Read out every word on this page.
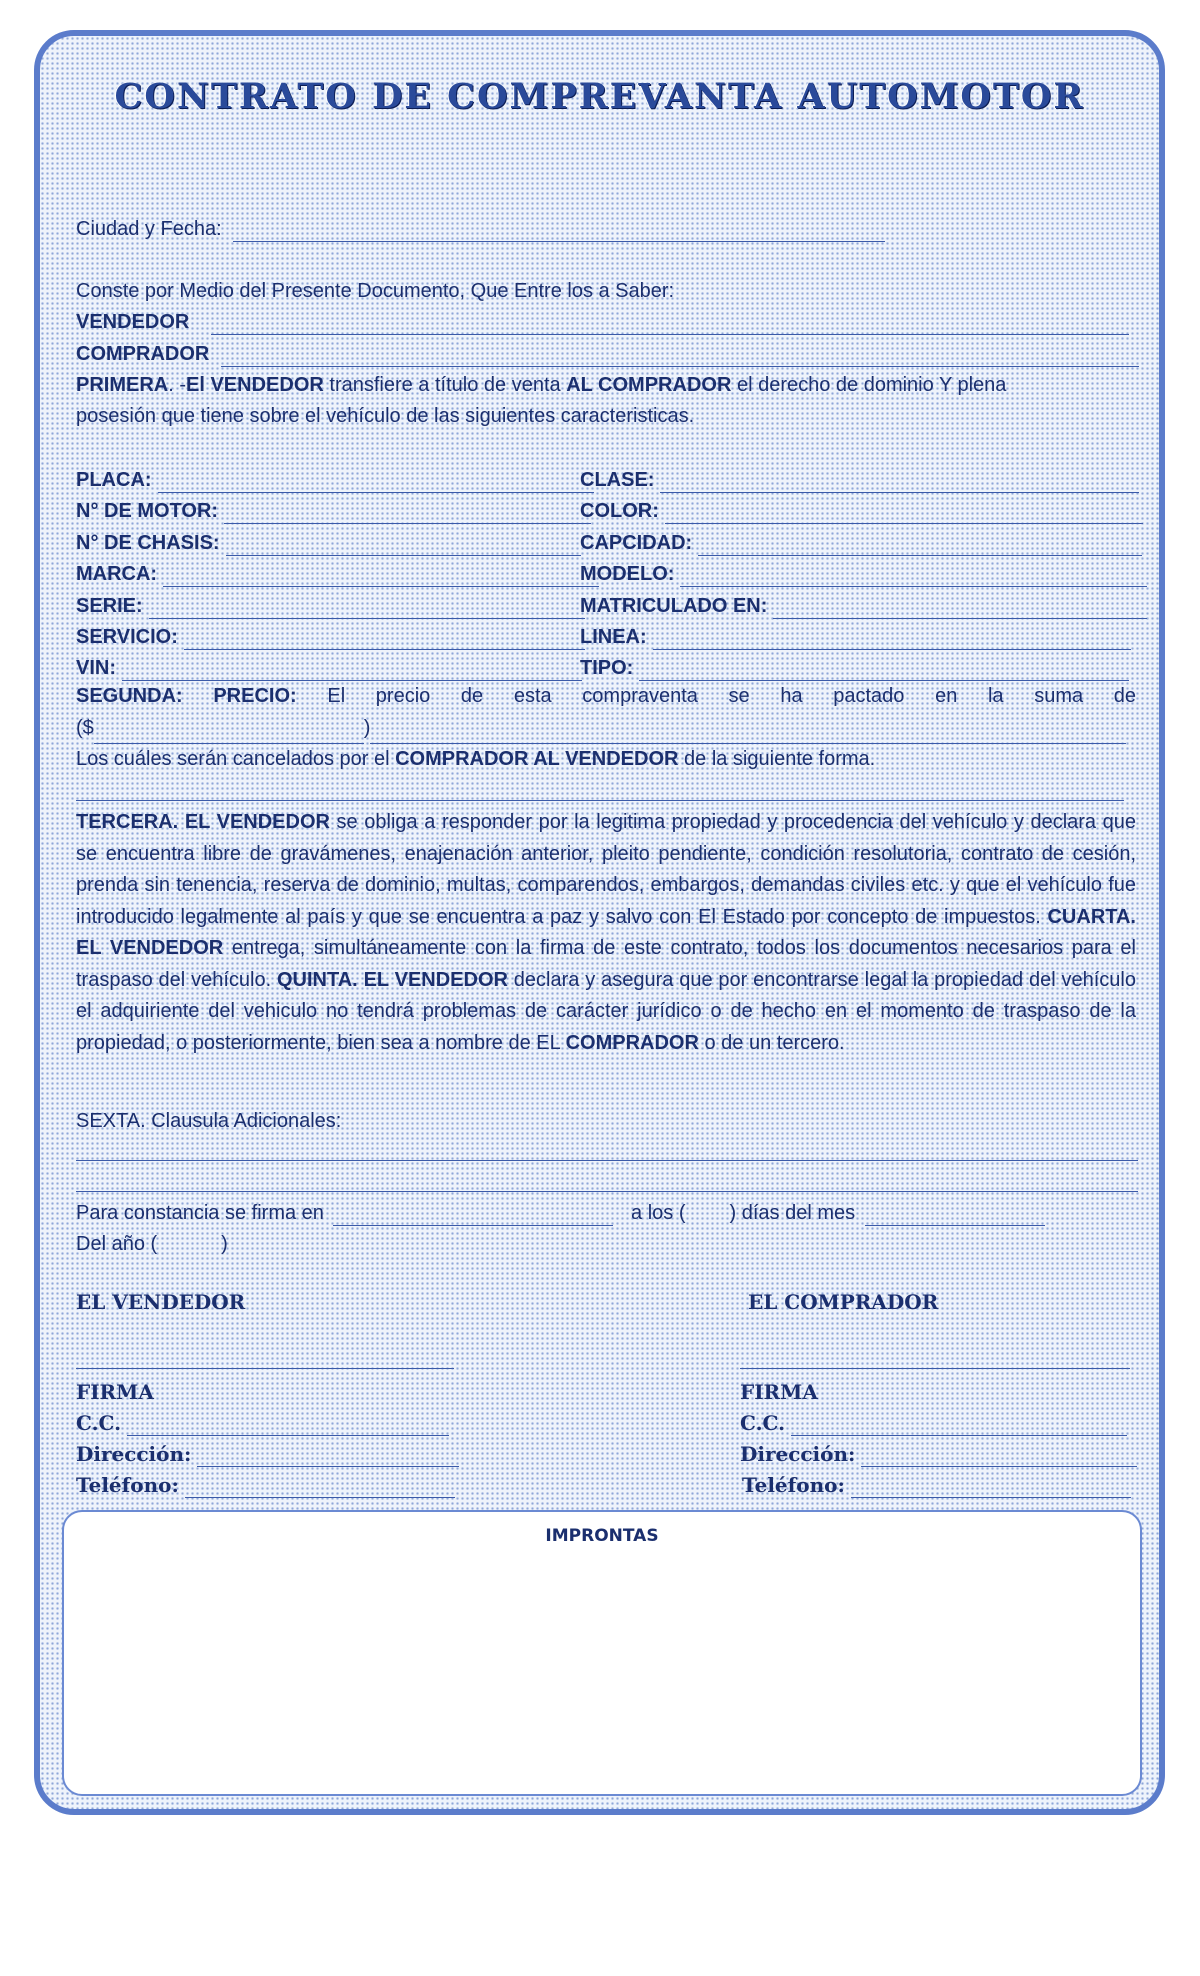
CONTRATO DE COMPREVANTA AUTOMOTOR
Ciudad y Fecha:
Conste por Medio del Presente Documento, Que Entre los a Saber:
VENDEDOR
COMPRADOR
PRIMERA. -El VENDEDOR transfiere a título de venta AL COMPRADOR el derecho de dominio Y plena
posesión que tiene sobre el vehículo de las siguientes caracteristicas.
PLACA:	CLASE:
N° DE MOTOR:	COLOR:
N° DE CHASIS:	CAPCIDAD:
MARCA:	MODELO:
SERIE:	MATRICULADO EN:
SERVICIO:	LINEA:
VIN:	TIPO:
SEGUNDA: PRECIO: El precio de esta compraventa se ha pactado en la suma de
($	)
Los cuáles serán cancelados por el COMPRADOR AL VENDEDOR de la siguiente forma.
TERCERA. EL VENDEDOR se obliga a responder por la legitima propiedad y procedencia del vehículo y declara que se encuentra libre de gravámenes, enajenación anterior, pleito pendiente, condición resolutoria, contrato de cesión, prenda sin tenencia, reserva de dominio, multas, comparendos, embargos, demandas civiles etc. y que el vehículo fue introducido legalmente al país y que se encuentra a paz y salvo con El Estado por concepto de impuestos. CUARTA. EL VENDEDOR entrega, simultáneamente con la firma de este contrato, todos los documentos necesarios para el traspaso del vehículo. QUINTA. EL VENDEDOR declara y asegura que por encontrarse legal la propiedad del vehículo el adquiriente del vehiculo no tendrá problemas de carácter jurídico o de hecho en el momento de traspaso de la propiedad, o posteriormente, bien sea a nombre de EL COMPRADOR o de un tercero.
SEXTA. Clausula Adicionales:
Para constancia se firma en	a los ( ) días del mes
Del año (	)
EL VENDEDOR	EL COMPRADOR
FIRMA	FIRMA
C.C.	C.C.
Dirección:	Dirección:
Teléfono:	Teléfono:
IMPRONTAS
